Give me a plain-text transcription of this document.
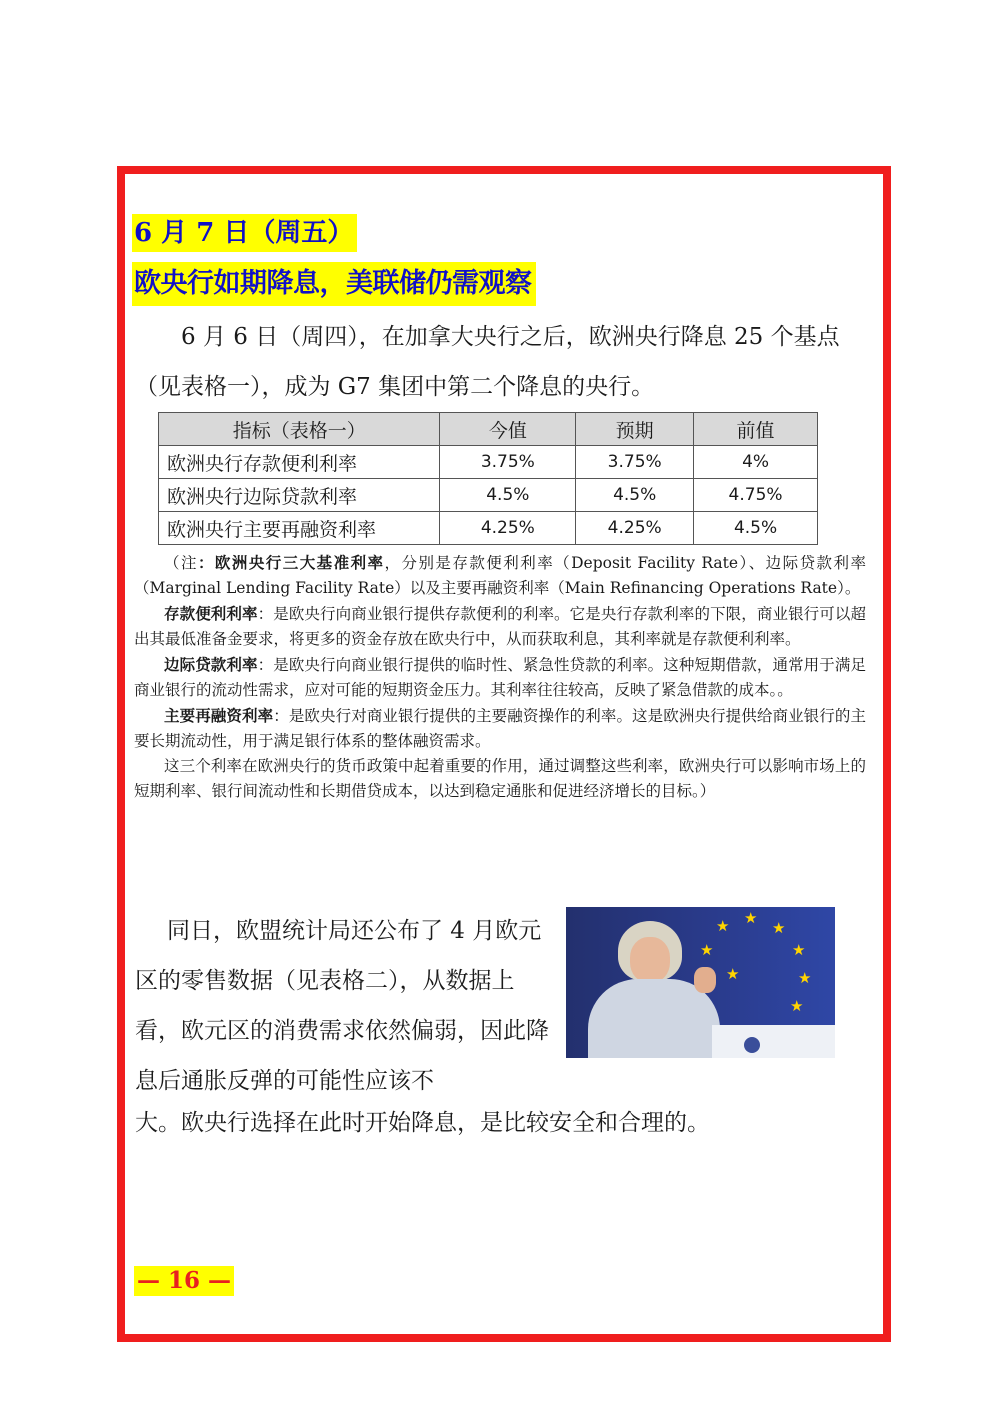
6 月 7 日（周五）
欧央行如期降息，美联储仍需观察

6 月 6 日（周四），在加拿大央行之后，欧洲央行降息 25 个基点（见表格一），成为 G7 集团中第二个降息的央行。

指标（表格一）	今值	预期	前值
欧洲央行存款便利利率	3.75%	3.75%	4%
欧洲央行边际贷款利率	4.5%	4.5%	4.75%
欧洲央行主要再融资利率	4.25%	4.25%	4.5%

（注：欧洲央行三大基准利率，分别是存款便利利率（Deposit Facility Rate）、边际贷款利率（Marginal Lending Facility Rate）以及主要再融资利率（Main Refinancing Operations Rate）。

存款便利利率：是欧央行向商业银行提供存款便利的利率。它是央行存款利率的下限，商业银行可以超出其最低准备金要求，将更多的资金存放在欧央行中，从而获取利息，其利率就是存款便利利率。

边际贷款利率：是欧央行向商业银行提供的临时性、紧急性贷款的利率。这种短期借款，通常用于满足商业银行的流动性需求，应对可能的短期资金压力。其利率往往较高，反映了紧急借款的成本。。

主要再融资利率：是欧央行对商业银行提供的主要融资操作的利率。这是欧洲央行提供给商业银行的主要长期流动性，用于满足银行体系的整体融资需求。

这三个利率在欧洲央行的货币政策中起着重要的作用，通过调整这些利率，欧洲央行可以影响市场上的短期利率、银行间流动性和长期借贷成本，以达到稳定通胀和促进经济增长的目标。）

同日，欧盟统计局还公布了 4 月欧元区的零售数据（见表格二），从数据上看，欧元区的消费需求依然偏弱，因此降息后通胀反弹的可能性应该不

★ ★
★
★
★
★
★
★

大。欧央行选择在此时开始降息，是比较安全和合理的。

— 16 —
